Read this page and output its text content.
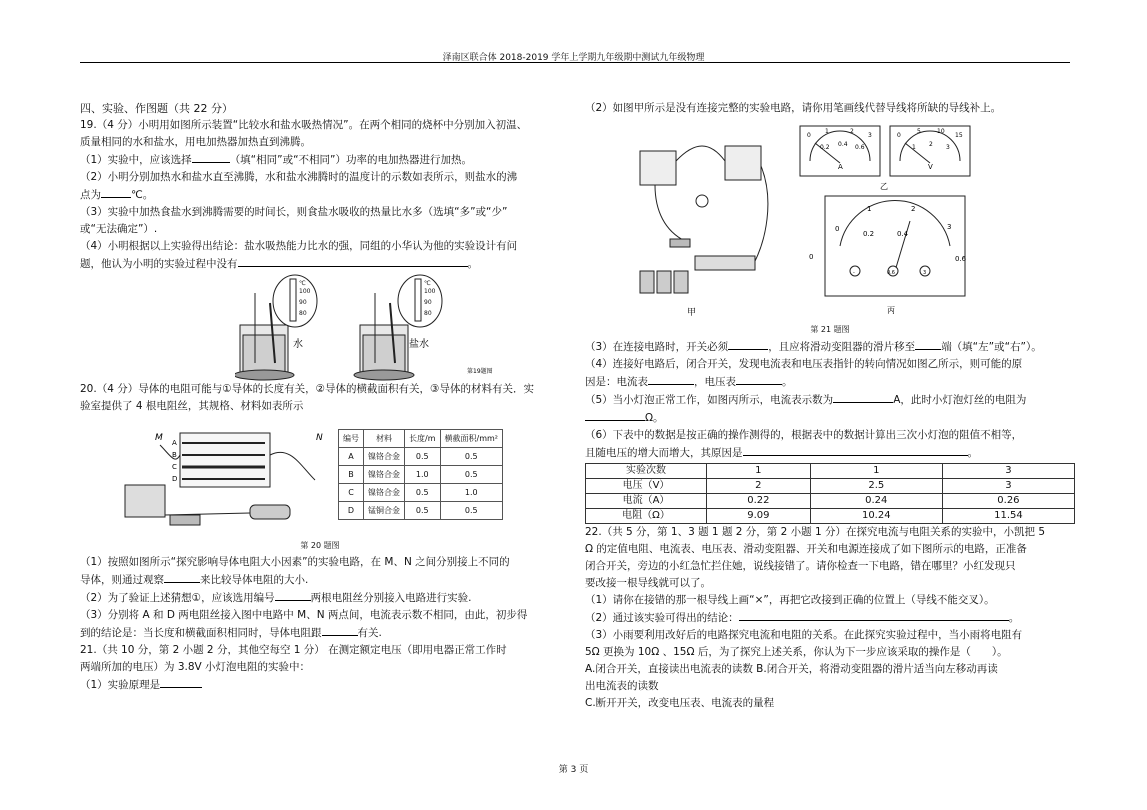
泽南区联合体 2018-2019 学年上学期九年级期中测试九年级物理

四、实验、作图题（共 22 分）

19.（4 分）小明用如图所示装置“比较水和盐水吸热情况”。在两个相同的烧杯中分别加入初温、

质量相同的水和盐水，用电加热器加热直到沸腾。

（1）实验中，应该选择	（填“相同”或“不相同”）功率的电加热器进行加热。

（2）小明分别加热水和盐水直至沸腾，水和盐水沸腾时的温度计的示数如表所示，则盐水的沸

点为	℃。

（3）实验中加热食盐水到沸腾需要的时间长，则食盐水吸收的热量比水多（选填“多”或“少”

或“无法确定”）.

（4）小明根据以上实验得出结论：盐水吸热能力比水的强，同组的小华认为他的实验设计有问

题，他认为小明的实验过程中没有	。

℃
100
90
80
水
℃
100
90
80
盐水
第19题图

20.（4 分）导体的电阻可能与①导体的长度有关，②导体的横截面积有关，③导体的材料有关．实

验室提供了 4 根电阻丝，其规格、材料如表所示

M	N
A
B
C
D
编号	材料	长度/m	横截面积/mm²
A	镍铬合金	0.5	0.5
B	镍铬合金	1.0	0.5
C	镍铬合金	0.5	1.0
D	锰铜合金	0.5	0.5

第 20 题图

（1）按照如图所示“探究影响导体电阻大小因素”的实验电路，在 M、N 之间分别接上不同的

导体，则通过观察	来比较导体电阻的大小.

（2）为了验证上述猜想①，应该选用编号	两根电阻丝分别接入电路进行实验.

（3）分别将 A 和 D 两电阻丝接入图中电路中 M、N 两点间，电流表示数不相同，由此，初步得

到的结论是：当长度和横截面积相同时，导体电阻跟	有关.

21.（共 10 分，第 2 小题 2 分，其他空每空 1 分） 在测定额定电压（即用电器正常工作时

两端所加的电压）为 3.8V 小灯泡电阻的实验中：

（1）实验原理是

（2）如图甲所示是没有连接完整的实验电路，请你用笔画线代替导线将所缺的导线补上。

甲
0
1	2
3
0.2 0.4 0.6
A
0
5	10
15
1 2 3
V
乙
0
1	2
3
0
0.2	0.4
0.6
-	0.6	3
丙

第 21 题图

（3）在连接电路时，开关必须	，且应将滑动变阻器的滑片移至 端（填“左”或“右”）。

（4）连接好电路后，闭合开关，发现电流表和电压表指针的转向情况如图乙所示，则可能的原

因是：电流表	，电压表	。

（5）当小灯泡正常工作，如图丙所示，电流表示数为	A，此时小灯泡灯丝的电阻为

Ω。

（6）下表中的数据是按正确的操作测得的，根据表中的数据计算出三次小灯泡的阻值不相等，

且随电压的增大而增大，其原因是	。

实验次数	1	1	3
电压（V）	2	2.5	3
电流（A）	0.22	0.24	0.26
电阻（Ω）	9.09	10.24	11.54

22.（共 5 分，第 1、3 题 1 题 2 分，第 2 小题 1 分）在探究电流与电阻关系的实验中，小凯把 5

Ω 的定值电阻、电流表、电压表、滑动变阻器、开关和电源连接成了如下图所示的电路，正准备

闭合开关，旁边的小红急忙拦住她，说线接错了。请你检查一下电路，错在哪里？小红发现只

要改接一根导线就可以了。

（1）请你在接错的那一根导线上画“×”，再把它改接到正确的位置上（导线不能交叉）。

（2）通过该实验可得出的结论：	。

（3）小雨要利用改好后的电路探究电流和电阻的关系。在此探究实验过程中，当小雨将电阻有

5Ω 更换为 10Ω 、15Ω 后，为了探究上述关系，你认为下一步应该采取的操作是（　　）。

A.闭合开关，直接读出电流表的读数 B.闭合开关，将滑动变阻器的滑片适当向左移动再读

出电流表的读数

C.断开开关，改变电压表、电流表的量程

第 3 页
